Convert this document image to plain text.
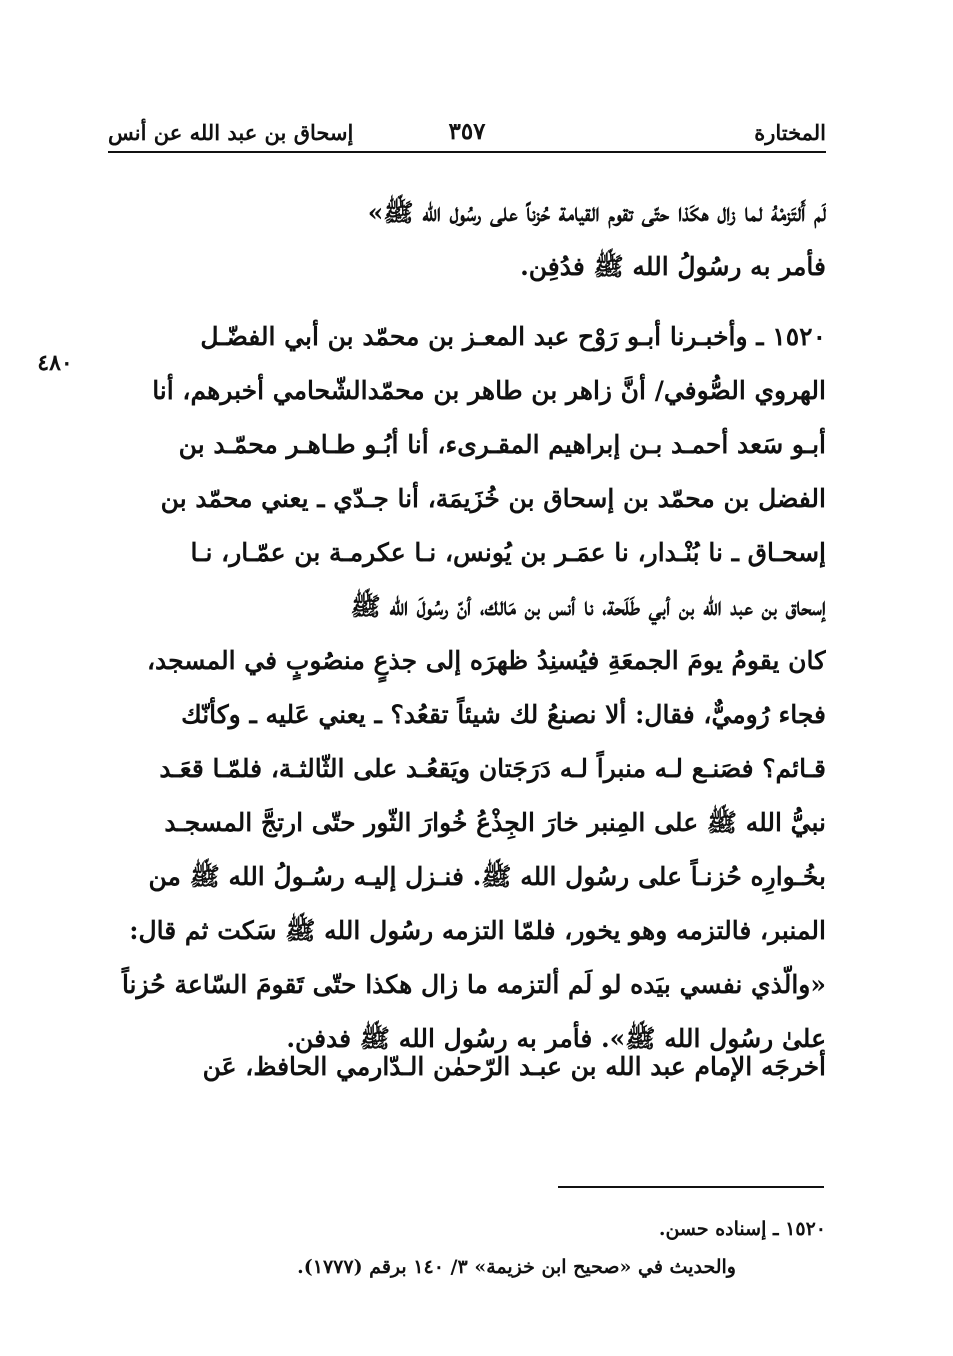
المختارة
٣٥٧
إسحاق بن عبد الله عن أنس
٤٨٠
لَم أَلتَزمْهُ لما زال هكَذا حتّى تقوم القيامة حُزناً على رسُول الله ﷺ»
فأمر به رسُولُ الله ﷺ فدُفِن.
١٥٢٠ ـ وأخبـرنا أبـو رَوْح عبد المعـز بن محمّد بن أبي الفضّـل
الهروي الصُّوفي/ أنَّ زاهر بن طاهر بن محمّدالشّحامي أخبرهم، أنا
أبـو سَعد أحمـد بـن إبراهيم المقـرىء، أنا أبُـو طـاهـر محمّـد بن
الفضل بن محمّد بن إسحاق بن خُزَيمَة، أنا جـدّي ـ يعني محمّد بن
إسحـاق ـ نا بُنْـدار، نا عمَـر بن يُونس، نـا عكرمـة بن عمّـار، نـا
إسحاق بن عبد الله بن أبي طَلَحة، نا أنس بن مَالك، أنّ رسُولَ الله ﷺ
كان يقومُ يومَ الجمعَةِ فيُسنِدُ ظهرَه إلى جذعٍ منصُوبٍ في المسجد،
فجاء رُوميٌّ، فقال: ألا نصنعُ لك شيئاً تقعُد؟ ـ يعني عَليه ـ وكأنّك
قـائم؟ فصَنـع لـه منبراً لـه دَرَجَتان ويَقعُـد على الثّالثـة، فلمّـا قعَـد
نبيُّ الله ﷺ على المِنبر خارَ الجِذْعُ خُوارَ الثّور حتّى ارتجَّ المسجـد
بخُـوارِه حُزنـاً على رسُول الله ﷺ. فنـزل إليـه رسُـولُ الله ﷺ من
المنبر، فالتزمه وهو يخور، فلمّا التزمه رسُول الله ﷺ سَكت ثم قال:
«والّذي نفسي بيَده لو لَم ألتزمه ما زال هكذا حتّى تَقومَ السّاعة حُزناً
علىٰ رسُول الله ﷺ». فأمر به رسُول الله ﷺ فدفن.
أخرجَه الإمام عبد الله بن عبـد الرّحمٰن الـدّارمي الحافظ، عَن
١٥٢٠ ـ إسناده حسن.
والحديث في «صحيح ابن خزيمة» ٣/ ١٤٠ برقم (١٧٧٧).
